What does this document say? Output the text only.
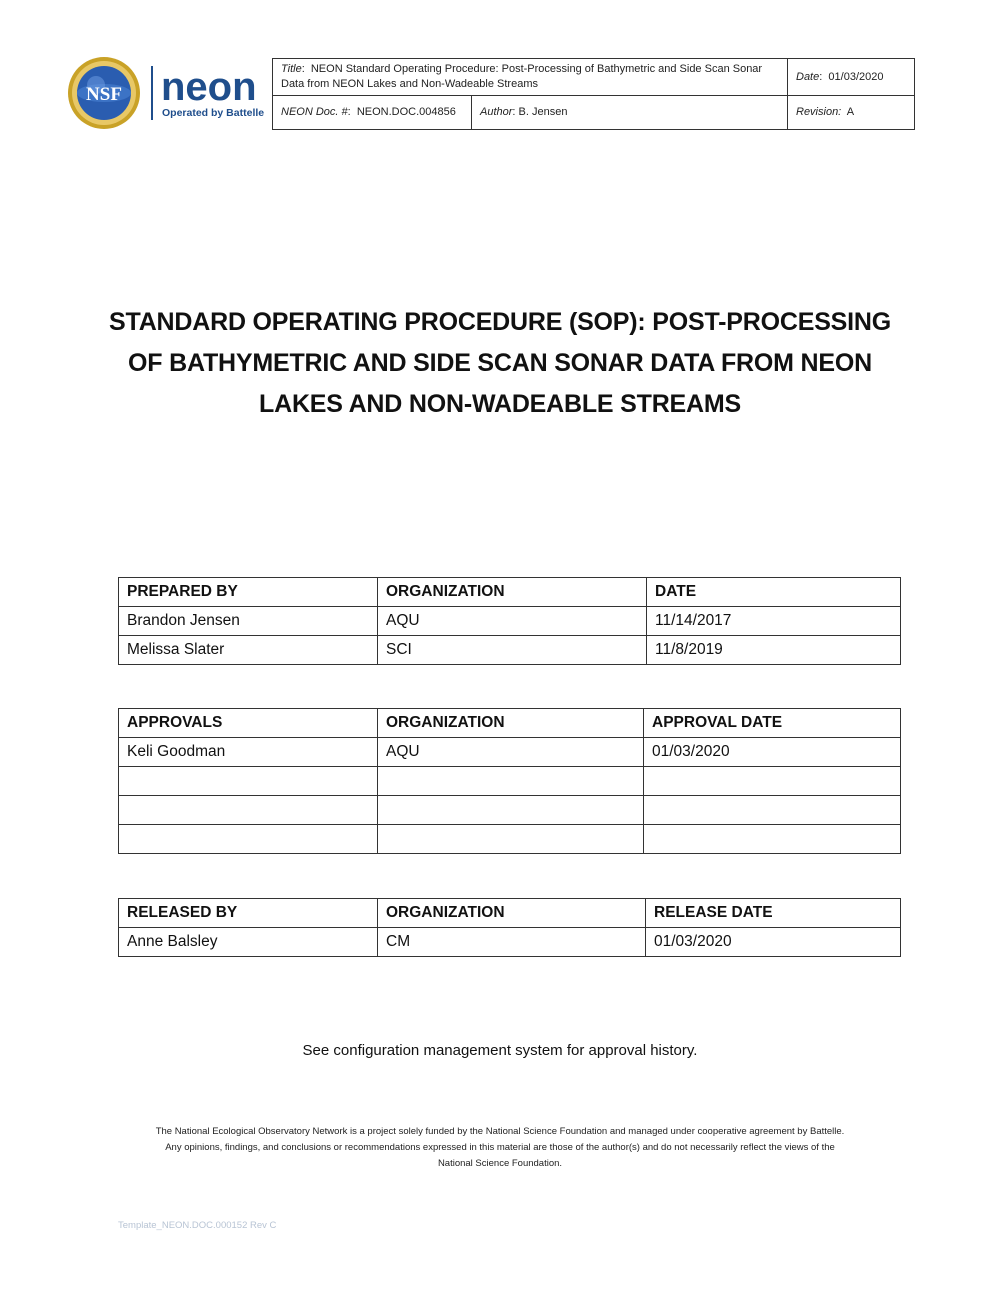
NSF neon
Operated by Battelle
Title:  NEON Standard Operating Procedure: Post-Processing of Bathymetric and Side Scan Sonar Data from NEON Lakes and Non-Wadeable Streams		Date:  01/03/2020
NEON Doc. #:  NEON.DOC.004856	Author: B. Jensen	Revision: A
STANDARD OPERATING PROCEDURE (SOP): POST-PROCESSING OF BATHYMETRIC AND SIDE SCAN SONAR DATA FROM NEON LAKES AND NON-WADEABLE STREAMS
PREPARED BY	ORGANIZATION	DATE
Brandon Jensen	AQU	11/14/2017
Melissa Slater	SCI	11/8/2019
APPROVALS	ORGANIZATION	APPROVAL DATE
Keli Goodman	AQU	01/03/2020

RELEASED BY	ORGANIZATION	RELEASE DATE
Anne Balsley	CM	01/03/2020
See configuration management system for approval history.
The National Ecological Observatory Network is a project solely funded by the National Science Foundation and managed under cooperative agreement by Battelle.
Any opinions, findings, and conclusions or recommendations expressed in this material are those of the author(s) and do not necessarily reflect the views of the
National Science Foundation.
Template_NEON.DOC.000152 Rev C
